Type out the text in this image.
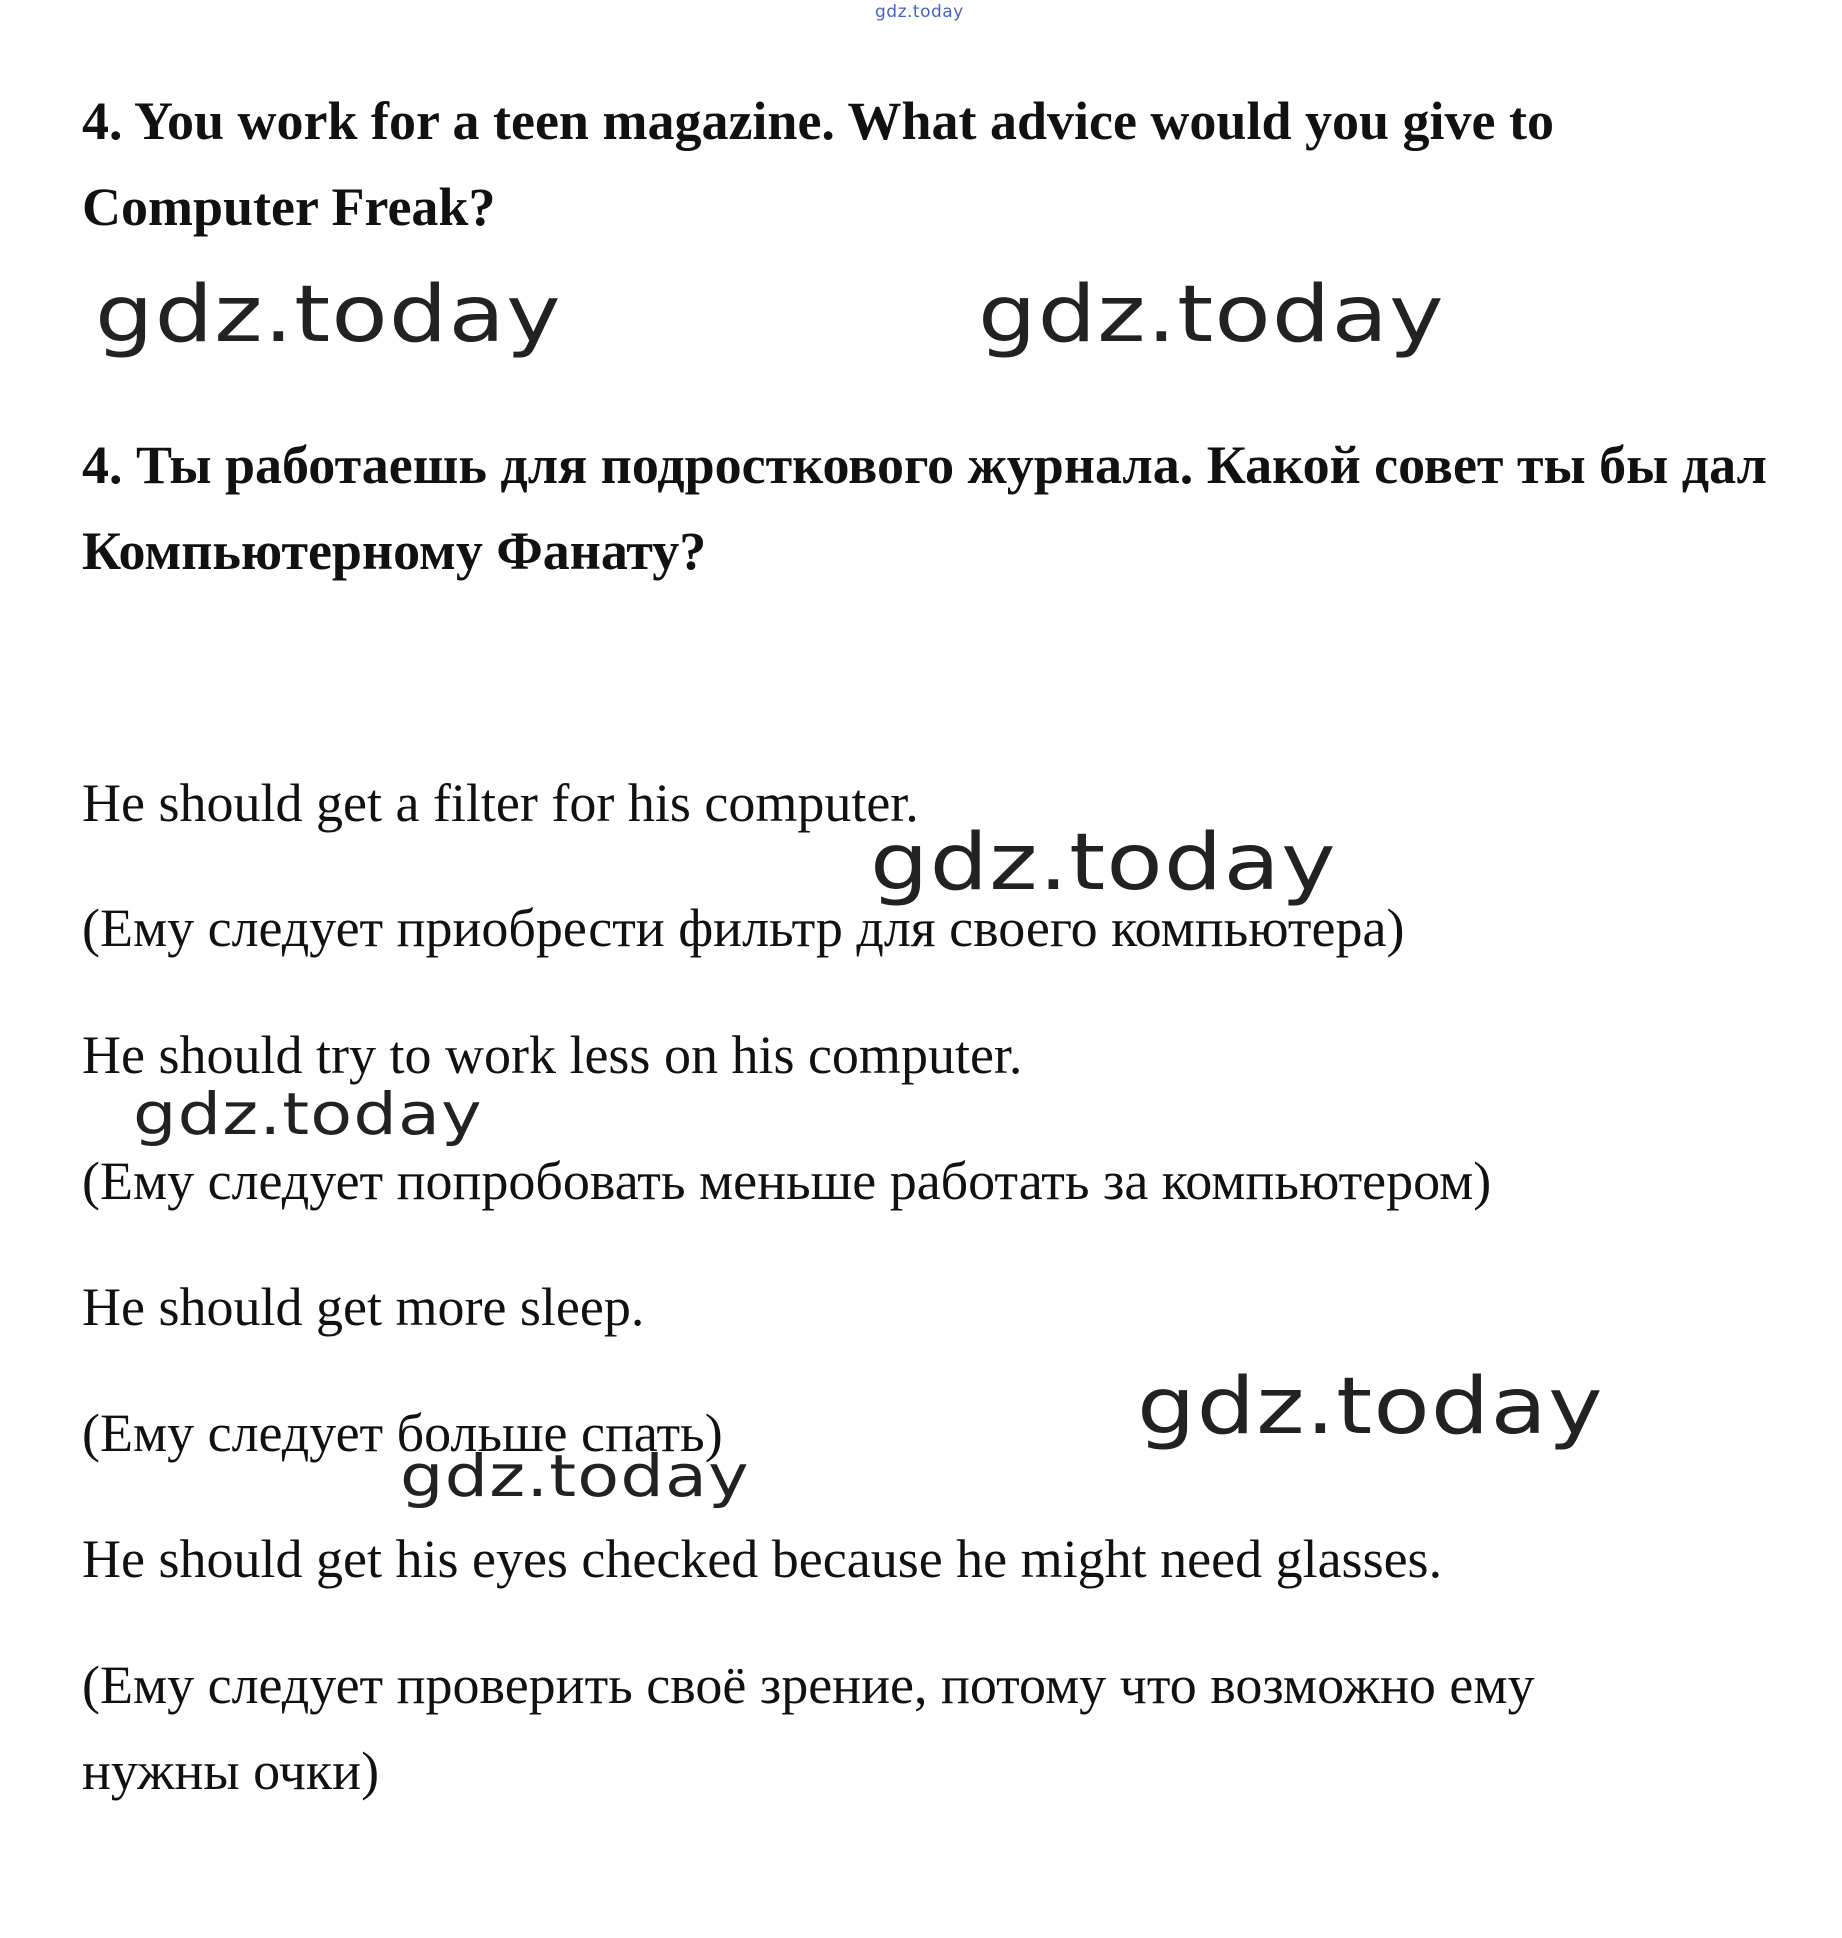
gdz.today

4. You work for a teen magazine. What advice would you give to Computer Freak?

gdz.today	gdz.today

4. Ты работаешь для подросткового журнала. Какой совет ты бы дал Компьютерному Фанату?

He should get a filter for his computer.

gdz.today

(Ему следует приобрести фильтр для своего компьютера)

He should try to work less on his computer.

gdz.today

(Ему следует попробовать меньше работать за компьютером)

He should get more sleep.

(Ему следует больше спать)	gdz.today
gdz.today

He should get his eyes checked because he might need glasses.

(Ему следует проверить своё зрение, потому что возможно ему нужны очки)
